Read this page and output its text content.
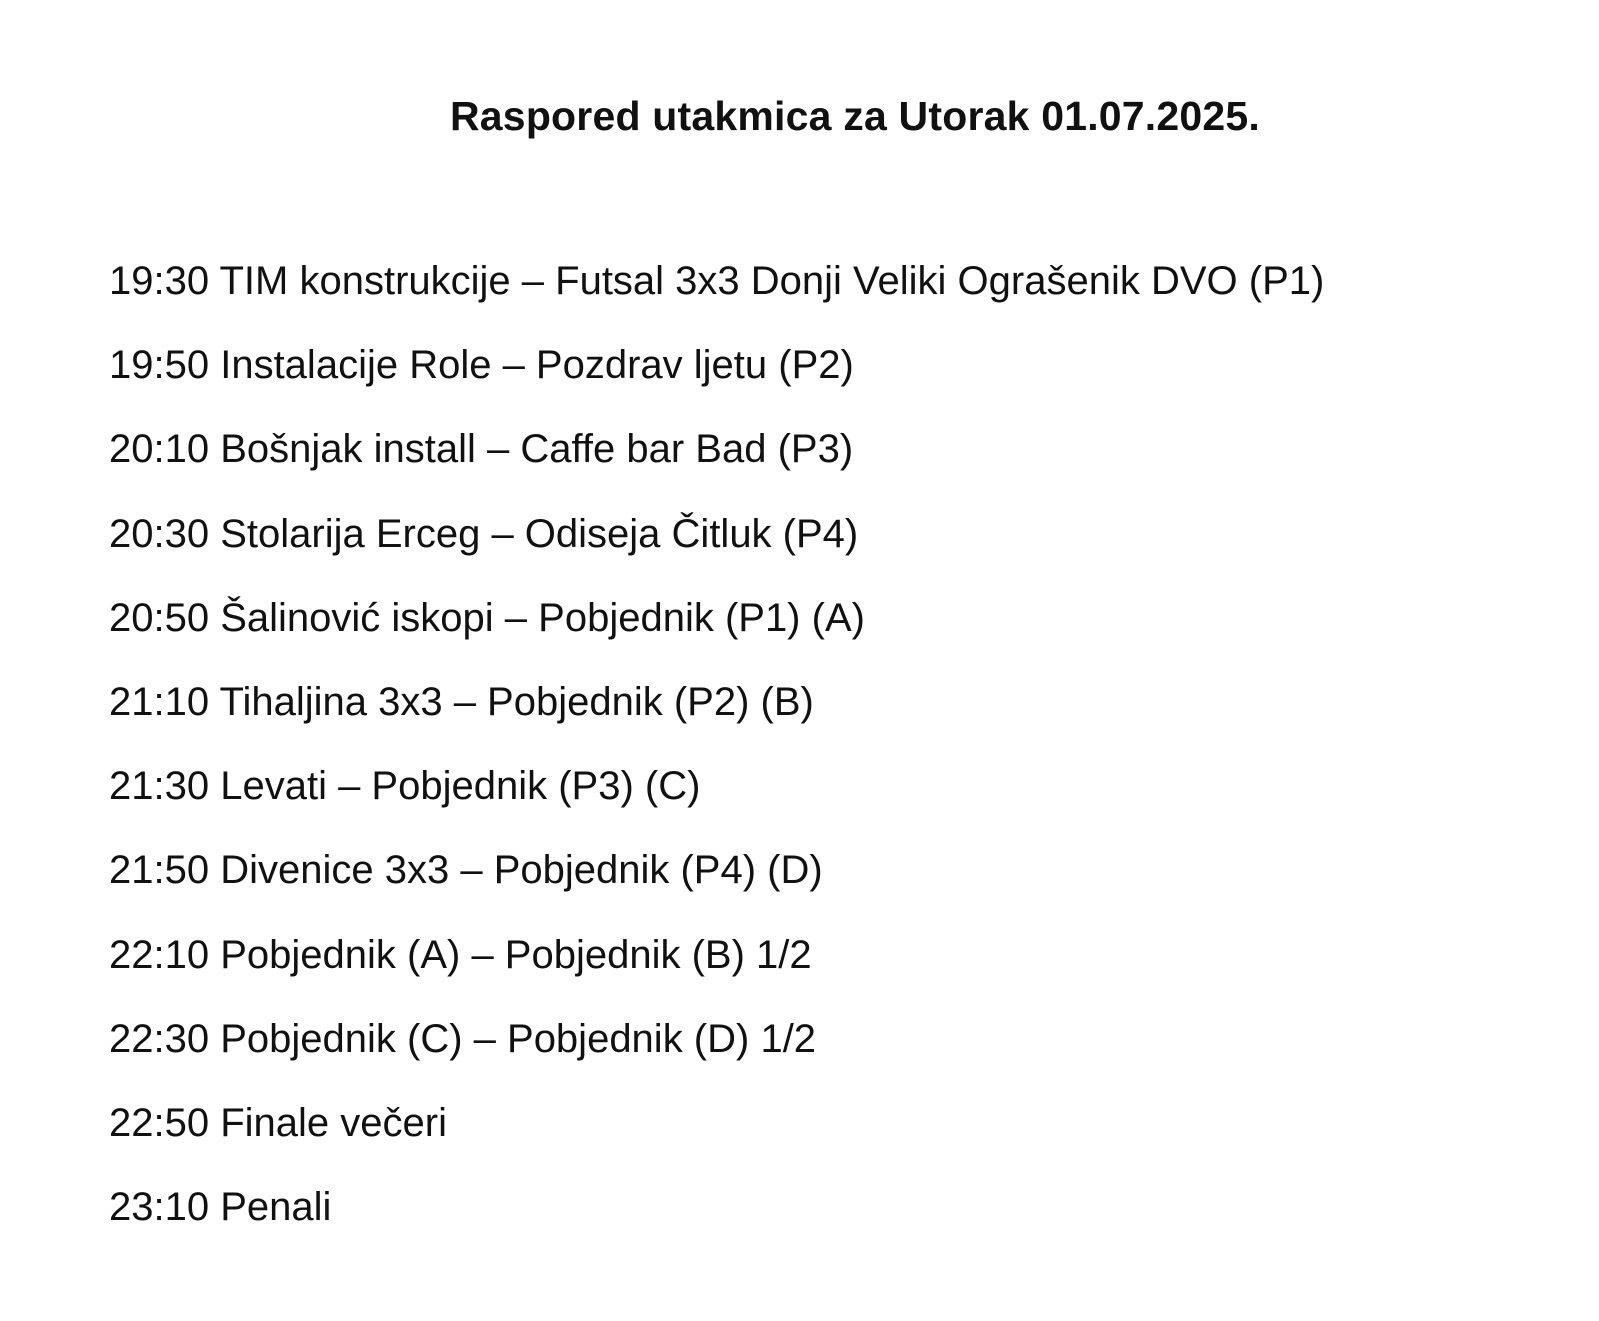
Raspored utakmica za Utorak 01.07.2025.
19:30 TIM konstrukcije – Futsal 3x3 Donji Veliki Ograšenik DVO (P1)
19:50 Instalacije Role – Pozdrav ljetu (P2)
20:10 Bošnjak install – Caffe bar Bad (P3)
20:30 Stolarija Erceg – Odiseja Čitluk (P4)
20:50 Šalinović iskopi – Pobjednik (P1) (A)
21:10 Tihaljina 3x3 – Pobjednik (P2) (B)
21:30 Levati – Pobjednik (P3) (C)
21:50 Divenice 3x3 – Pobjednik (P4) (D)
22:10 Pobjednik (A) – Pobjednik (B) 1/2
22:30 Pobjednik (C) – Pobjednik (D) 1/2
22:50 Finale večeri
23:10 Penali
